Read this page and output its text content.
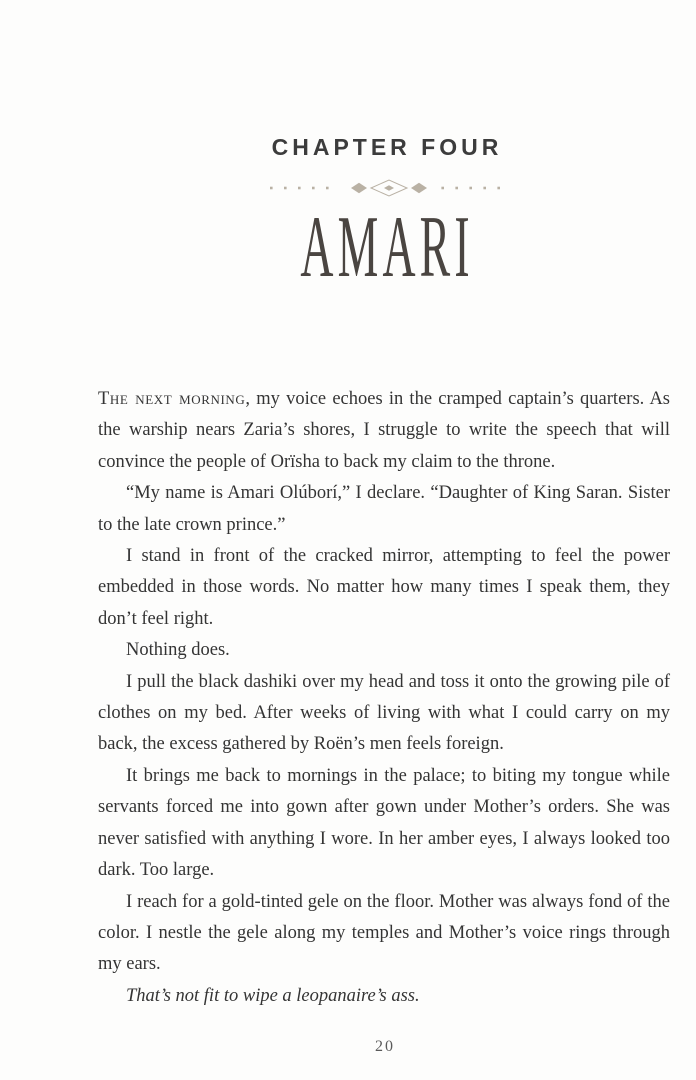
CHAPTER FOUR
AMARI

The next morning, my voice echoes in the cramped captain’s quarters. As the warship nears Zaria’s shores, I struggle to write the speech that will convince the people of Orïsha to back my claim to the throne.

“My name is Amari Olúborí,” I declare. “Daughter of King Saran. Sister to the late crown prince.”

I stand in front of the cracked mirror, attempting to feel the power embedded in those words. No matter how many times I speak them, they don’t feel right.

Nothing does.

I pull the black dashiki over my head and toss it onto the growing pile of clothes on my bed. After weeks of living with what I could carry on my back, the excess gathered by Roën’s men feels foreign.

It brings me back to mornings in the palace; to biting my tongue while servants forced me into gown after gown under Mother’s orders. She was never satisfied with anything I wore. In her amber eyes, I always looked too dark. Too large.

I reach for a gold-tinted gele on the floor. Mother was always fond of the color. I nestle the gele along my temples and Mother’s voice rings through my ears.

That’s not fit to wipe a leopanaire’s ass.

20
